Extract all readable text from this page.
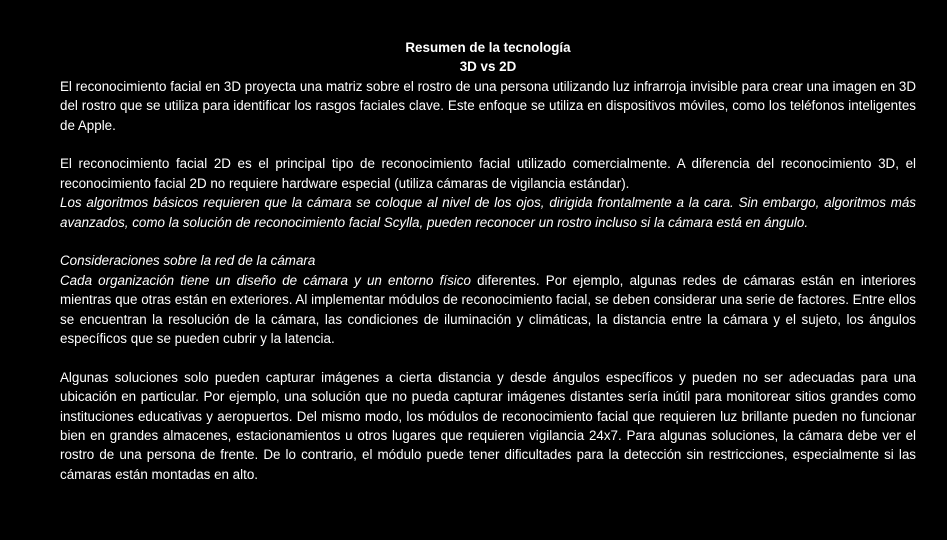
Resumen de la tecnología
3D vs 2D

El reconocimiento facial en 3D proyecta una matriz sobre el rostro de una persona utilizando luz infrarroja invisible para crear una imagen en 3D del rostro que se utiliza para identificar los rasgos faciales clave. Este enfoque se utiliza en dispositivos móviles, como los teléfonos inteligentes de Apple.

El reconocimiento facial 2D es el principal tipo de reconocimiento facial utilizado comercialmente. A diferencia del reconocimiento 3D, el reconocimiento facial 2D no requiere hardware especial (utiliza cámaras de vigilancia estándar).

Los algoritmos básicos requieren que la cámara se coloque al nivel de los ojos, dirigida frontalmente a la cara. Sin embargo, algoritmos más avanzados, como la solución de reconocimiento facial Scylla, pueden reconocer un rostro incluso si la cámara está en ángulo.

Consideraciones sobre la red de la cámara

Cada organización tiene un diseño de cámara y un entorno físico diferentes. Por ejemplo, algunas redes de cámaras están en interiores mientras que otras están en exteriores. Al implementar módulos de reconocimiento facial, se deben considerar una serie de factores. Entre ellos se encuentran la resolución de la cámara, las condiciones de iluminación y climáticas, la distancia entre la cámara y el sujeto, los ángulos específicos que se pueden cubrir y la latencia.

Algunas soluciones solo pueden capturar imágenes a cierta distancia y desde ángulos específicos y pueden no ser adecuadas para una ubicación en particular. Por ejemplo, una solución que no pueda capturar imágenes distantes sería inútil para monitorear sitios grandes como instituciones educativas y aeropuertos. Del mismo modo, los módulos de reconocimiento facial que requieren luz brillante pueden no funcionar bien en grandes almacenes, estacionamientos u otros lugares que requieren vigilancia 24x7. Para algunas soluciones, la cámara debe ver el rostro de una persona de frente. De lo contrario, el módulo puede tener dificultades para la detección sin restricciones, especialmente si las cámaras están montadas en alto.
